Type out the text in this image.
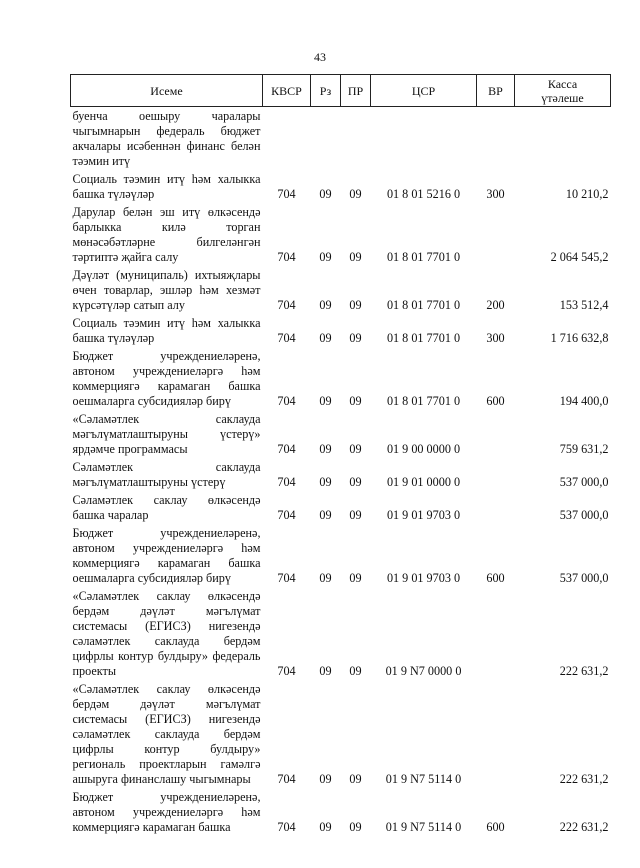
43
Исеме	КВСР	Рз	ПР	ЦСР	ВР	Касса
үтәлеше
буенча оешыру чаралары чыгымнарын федераль бюджет акчалары исәбеннән финанс белән тәэмин итү						
Социаль тәэмин итү һәм халыкка башка түләүләр	704	09	09	01 8 01 5216 0	300	10 210,2
Дарулар белән эш итү өлкәсендә барлыкка килә торган мөнәсәбәтләрне билгеләнгән тәртиптә җайга салу	704	09	09	01 8 01 7701 0		2 064 545,2
Дәүләт (муниципаль) ихтыяҗлары өчен товарлар, эшләр һәм хезмәт күрсәтүләр сатып алу	704	09	09	01 8 01 7701 0	200	153 512,4
Социаль тәэмин итү һәм халыкка башка түләүләр	704	09	09	01 8 01 7701 0	300	1 716 632,8
Бюджет учреждениеләренә, автоном учреждениеләргә һәм коммерциягә карамаган башка оешмаларга субсидияләр бирү	704	09	09	01 8 01 7701 0	600	194 400,0
«Сәламәтлек саклауда мәгълүматлаштыруны үстерү» ярдәмче программасы	704	09	09	01 9 00 0000 0		759 631,2
Сәламәтлек саклауда мәгълүматлаштыруны үстерү	704	09	09	01 9 01 0000 0		537 000,0
Сәламәтлек саклау өлкәсендә башка чаралар	704	09	09	01 9 01 9703 0		537 000,0
Бюджет учреждениеләренә, автоном учреждениеләргә һәм коммерциягә карамаган башка оешмаларга субсидияләр бирү	704	09	09	01 9 01 9703 0	600	537 000,0
«Сәламәтлек саклау өлкәсендә бердәм дәүләт мәгълүмат системасы (ЕГИСЗ) нигезендә сәламәтлек саклауда бердәм цифрлы контур булдыру» федераль проекты	704	09	09	01 9 N7 0000 0		222 631,2
«Сәламәтлек саклау өлкәсендә бердәм дәүләт мәгълүмат системасы (ЕГИСЗ) нигезендә сәламәтлек саклауда бердәм цифрлы контур булдыру» региональ проектларын гамәлгә ашыруга финанслашу чыгымнары	704	09	09	01 9 N7 5114 0		222 631,2
Бюджет учреждениеләренә, автоном учреждениеләргә һәм коммерциягә карамаган башка	704	09	09	01 9 N7 5114 0	600	222 631,2
